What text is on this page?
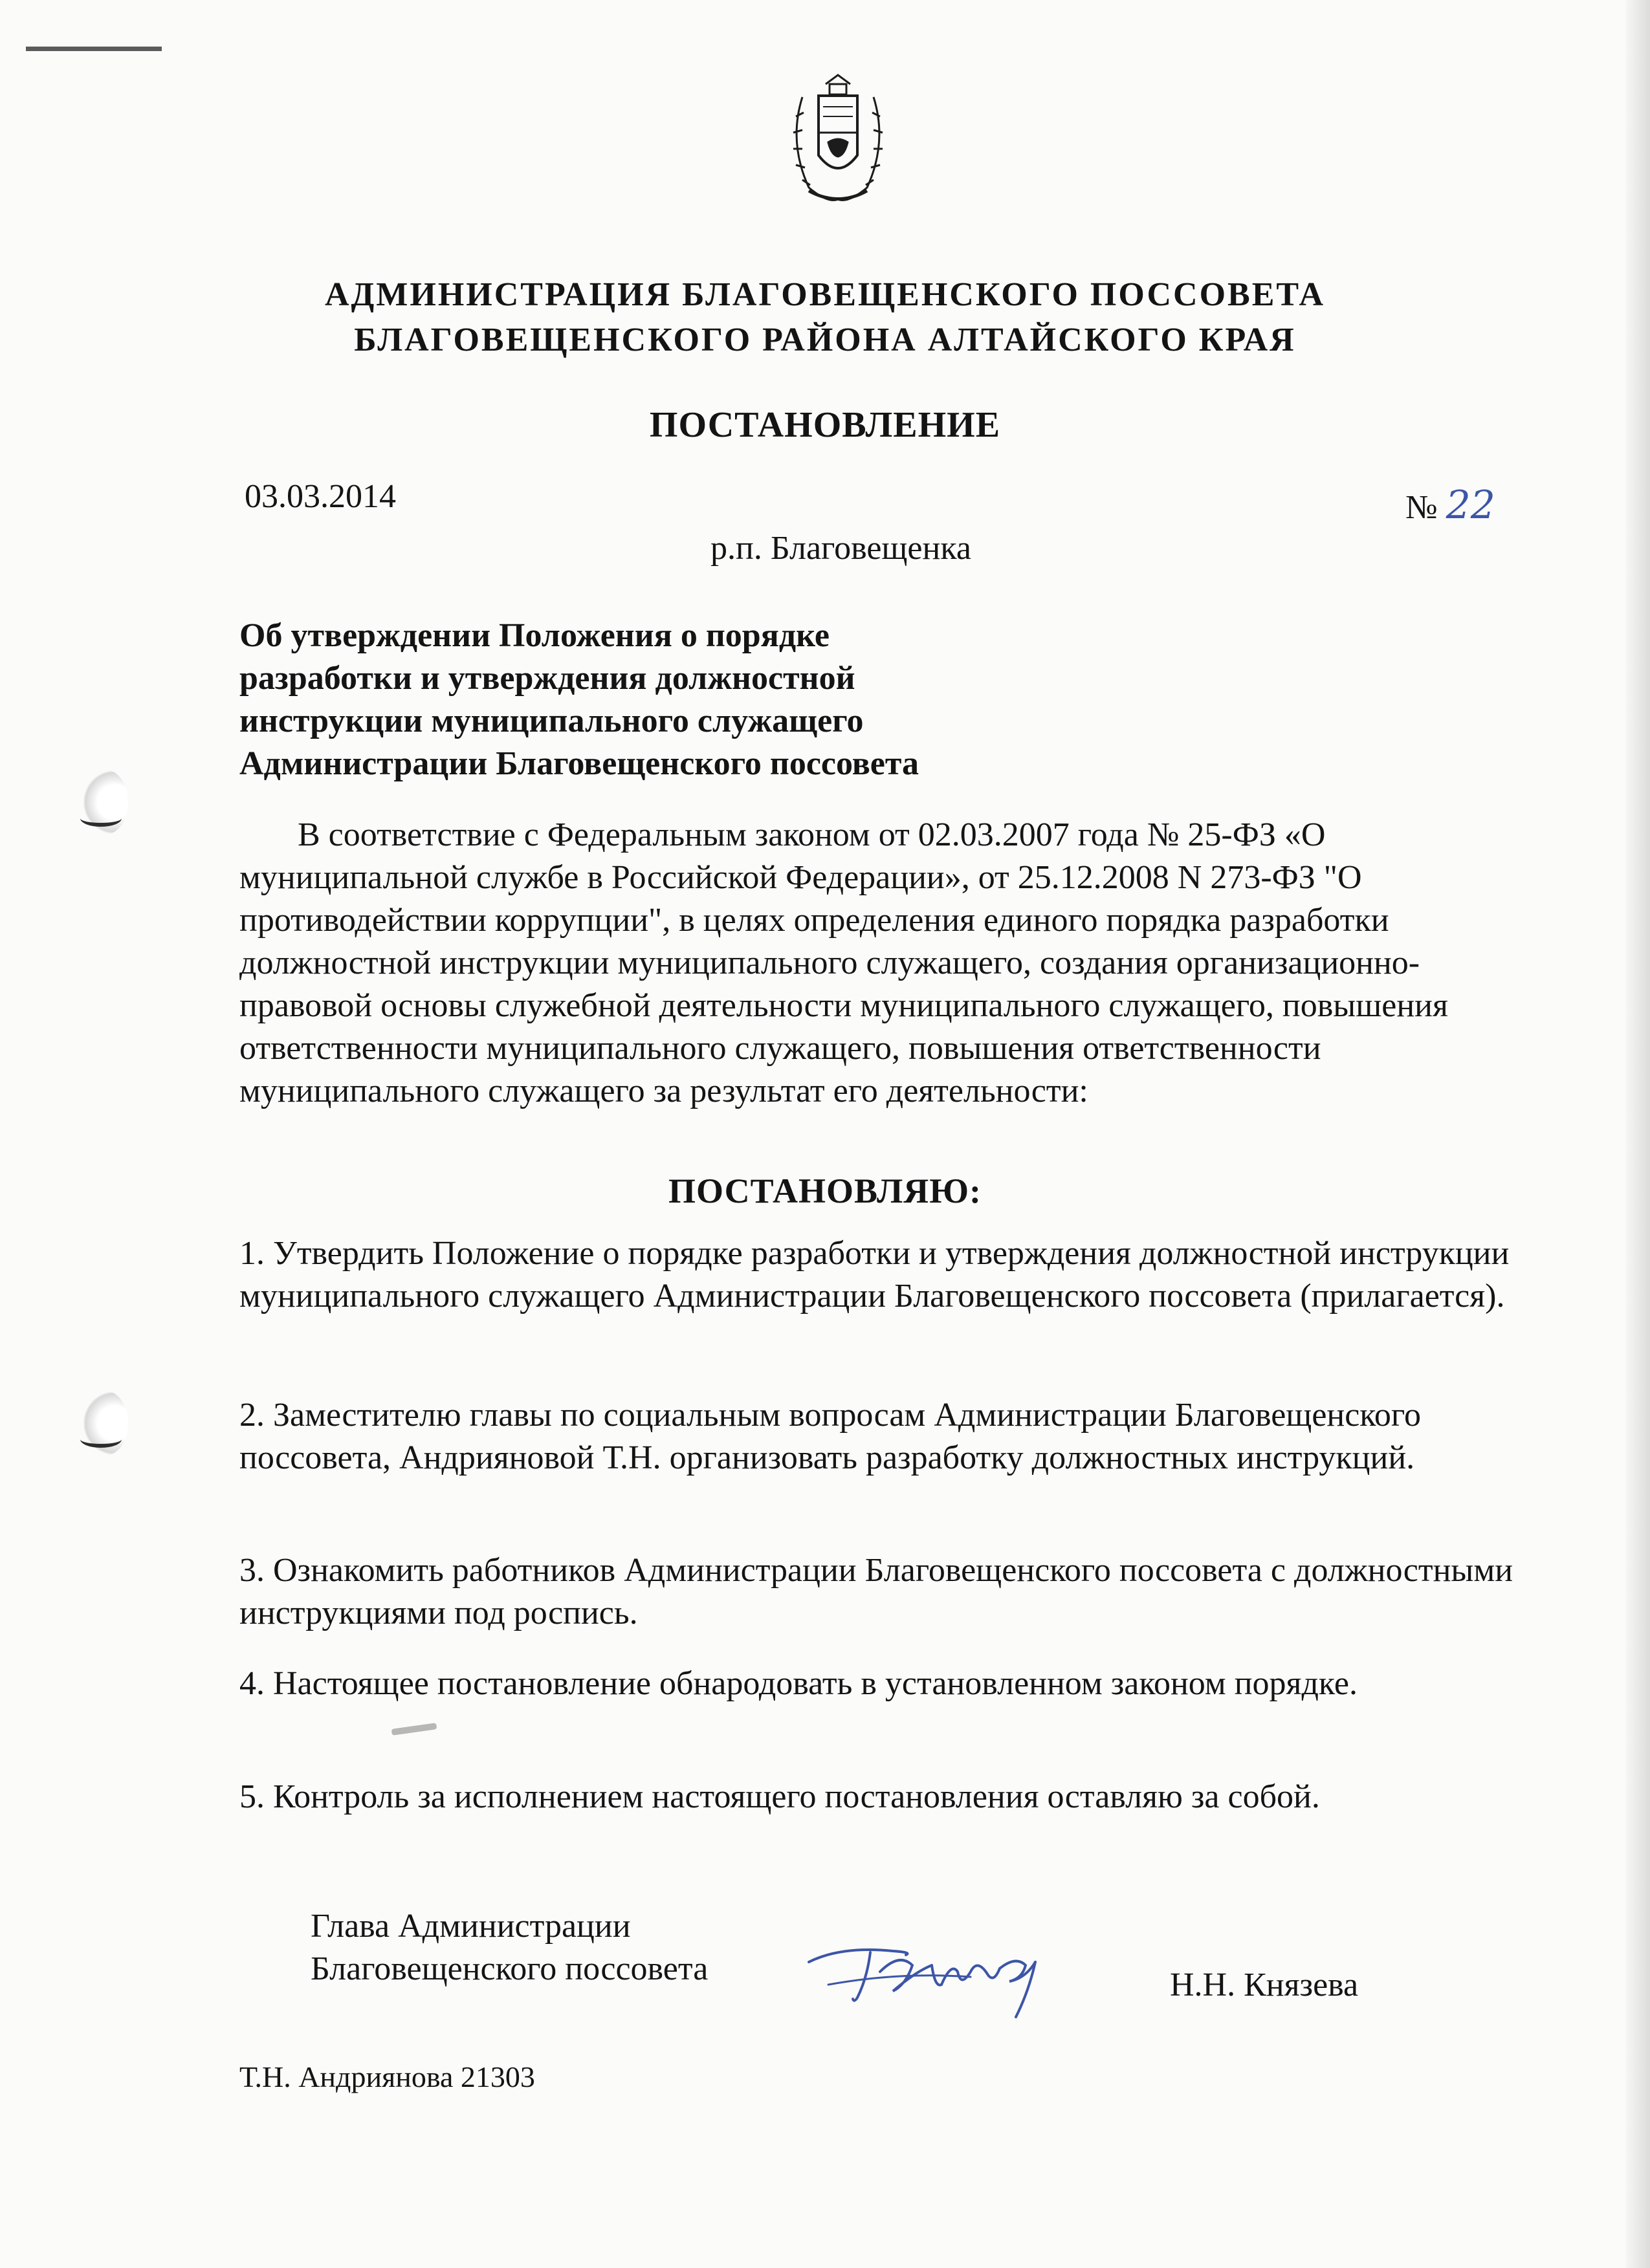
АДМИНИСТРАЦИЯ БЛАГОВЕЩЕНСКОГО ПОССОВЕТА
БЛАГОВЕЩЕНСКОГО РАЙОНА АЛТАЙСКОГО КРАЯ
ПОСТАНОВЛЕНИЕ
03.03.2014	№ 22
р.п. Благовещенка
Об утверждении Положения о порядке
разработки и утверждения должностной
инструкции муниципального служащего
Администрации Благовещенского поссовета
В соответствие с Федеральным законом от 02.03.2007 года № 25-ФЗ «О муниципальной службе в Российской Федерации», от 25.12.2008 N 273-ФЗ "О противодействии коррупции", в целях определения единого порядка разработки должностной инструкции муниципального служащего, создания организационно-правовой основы служебной деятельности муниципального служащего, повышения ответственности муниципального служащего, повышения ответственности муниципального служащего за результат его деятельности:
ПОСТАНОВЛЯЮ:
1. Утвердить Положение о порядке разработки и утверждения должностной инструкции муниципального служащего Администрации Благовещенского поссовета (прилагается).
2. Заместителю главы по социальным вопросам Администрации Благовещенского поссовета, Андрияновой Т.Н. организовать разработку должностных инструкций.
3. Ознакомить работников Администрации Благовещенского поссовета с должностными инструкциями под роспись.
4. Настоящее постановление обнародовать в установленном законом порядке.
5. Контроль за исполнением настоящего постановления оставляю за собой.
Глава Администрации
Благовещенского поссовета	Н.Н. Князева
Т.Н. Андриянова 21303
